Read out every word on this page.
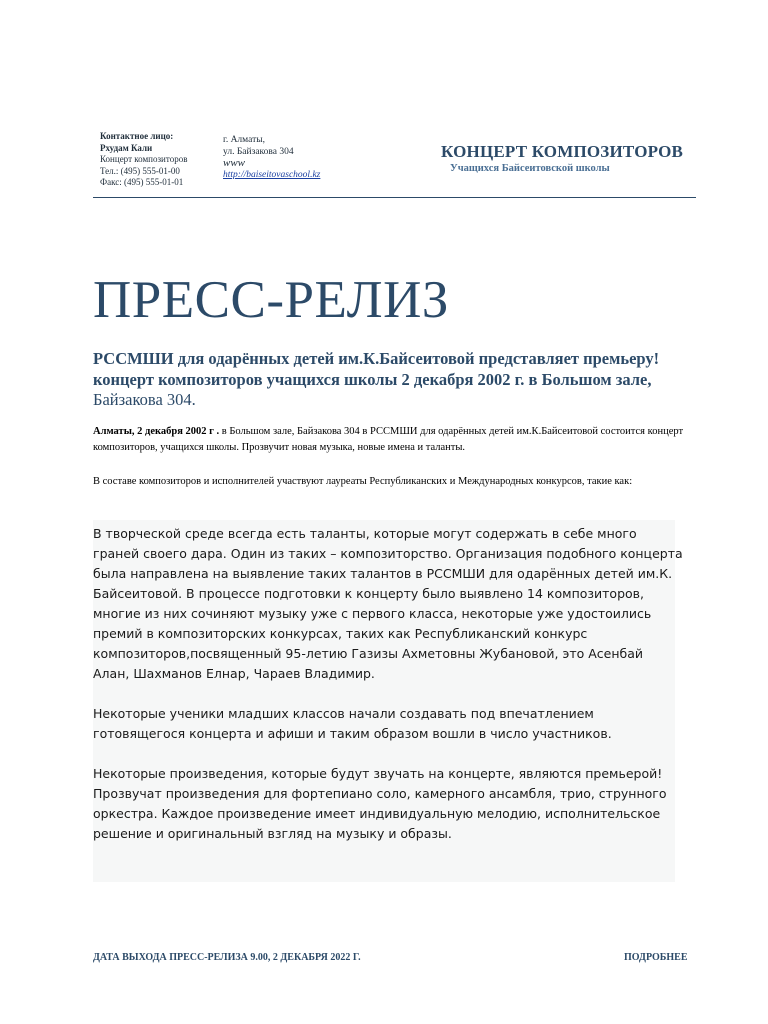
Контактное лицо:
Рхудам Кали
Концерт композиторов
Тел.: (495) 555-01-00
Факс: (495) 555-01-01
г. Алматы,
ул. Байзакова 304
www
http://baiseitovaschool.kz
КОНЦЕРТ КОМПОЗИТОРОВ
Учащихся Байсеитовской школы
ПРЕСС-РЕЛИЗ
РССМШИ для одарённых детей им.К.Байсеитовой представляет премьеру! концерт композиторов учащихся школы 2 декабря 2002 г. в Большом зале,
Байзакова 304.
Алматы, 2 декабря 2002 г . в Большом зале, Байзакова 304 в РССМШИ для одарённых детей им.К.Байсеитовой состоится концерт композиторов, учащихся школы. Прозвучит новая музыка, новые имена и таланты.
В составе композиторов и исполнителей участвуют лауреаты Республиканских и Международных конкурсов, такие как:

В творческой среде всегда есть таланты, которые могут содержать в себе много граней своего дара. Один из таких – композиторство. Организация подобного концерта была направлена на выявление таких талантов в РССМШИ для одарённых детей им.К. Байсеитовой. В процессе подготовки к концерту было выявлено 14 композиторов, многие из них сочиняют музыку уже с первого класса, некоторые уже удостоились премий в композиторских конкурсах, таких как Республиканский конкурс композиторов,посвященный 95-летию Газизы Ахметовны Жубановой, это Асенбай Алан, Шахманов Елнар, Чараев Владимир.

Некоторые ученики младших классов начали создавать под впечатлением готовящегося концерта и афиши и таким образом вошли в число участников.

Некоторые произведения, которые будут звучать на концерте, являются премьерой! Прозвучат произведения для фортепиано соло, камерного ансамбля, трио, струнного оркестра. Каждое произведение имеет индивидуальную мелодию, исполнительское решение и оригинальный взгляд на музыку и образы.

ДАТА ВЫХОДА ПРЕСС-РЕЛИЗА 9.00, 2 ДЕКАБРЯ 2022 Г.	ПОДРОБНЕЕ
